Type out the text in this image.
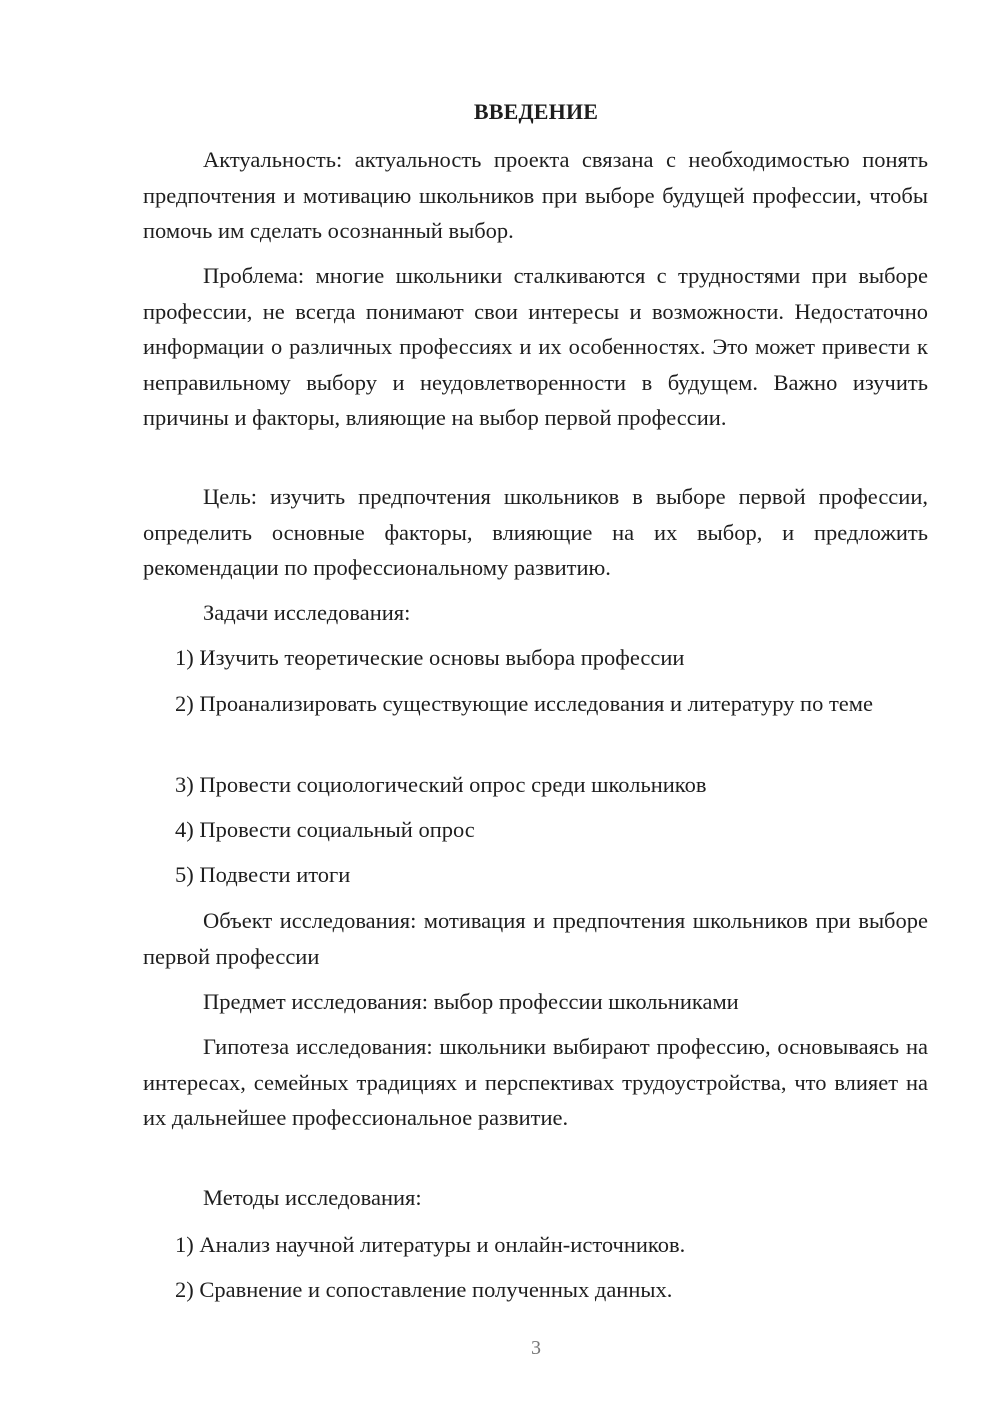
ВВЕДЕНИЕ

Актуальность: актуальность проекта связана с необходимостью понять предпочтения и мотивацию школьников при выборе будущей профессии, чтобы помочь им сделать осознанный выбор.

Проблема: многие школьники сталкиваются с трудностями при выборе профессии, не всегда понимают свои интересы и возможности. Недостаточно информации о различных профессиях и их особенностях. Это может привести к неправильному выбору и неудовлетворенности в будущем. Важно изучить причины и факторы, влияющие на выбор первой профессии.

Цель: изучить предпочтения школьников в выборе первой профессии, определить основные факторы, влияющие на их выбор, и предложить рекомендации по профессиональному развитию.

Задачи исследования:

1) Изучить теоретические основы выбора профессии

2) Проанализировать существующие исследования и литературу по теме

3) Провести социологический опрос среди школьников

4) Провести социальный опрос

5) Подвести итоги

Объект исследования: мотивация и предпочтения школьников при выборе первой профессии

Предмет исследования: выбор профессии школьниками

Гипотеза исследования: школьники выбирают профессию, основываясь на интересах, семейных традициях и перспективах трудоустройства, что влияет на их дальнейшее профессиональное развитие.

Методы исследования:

1) Анализ научной литературы и онлайн-источников.

2) Сравнение и сопоставление полученных данных.

3
